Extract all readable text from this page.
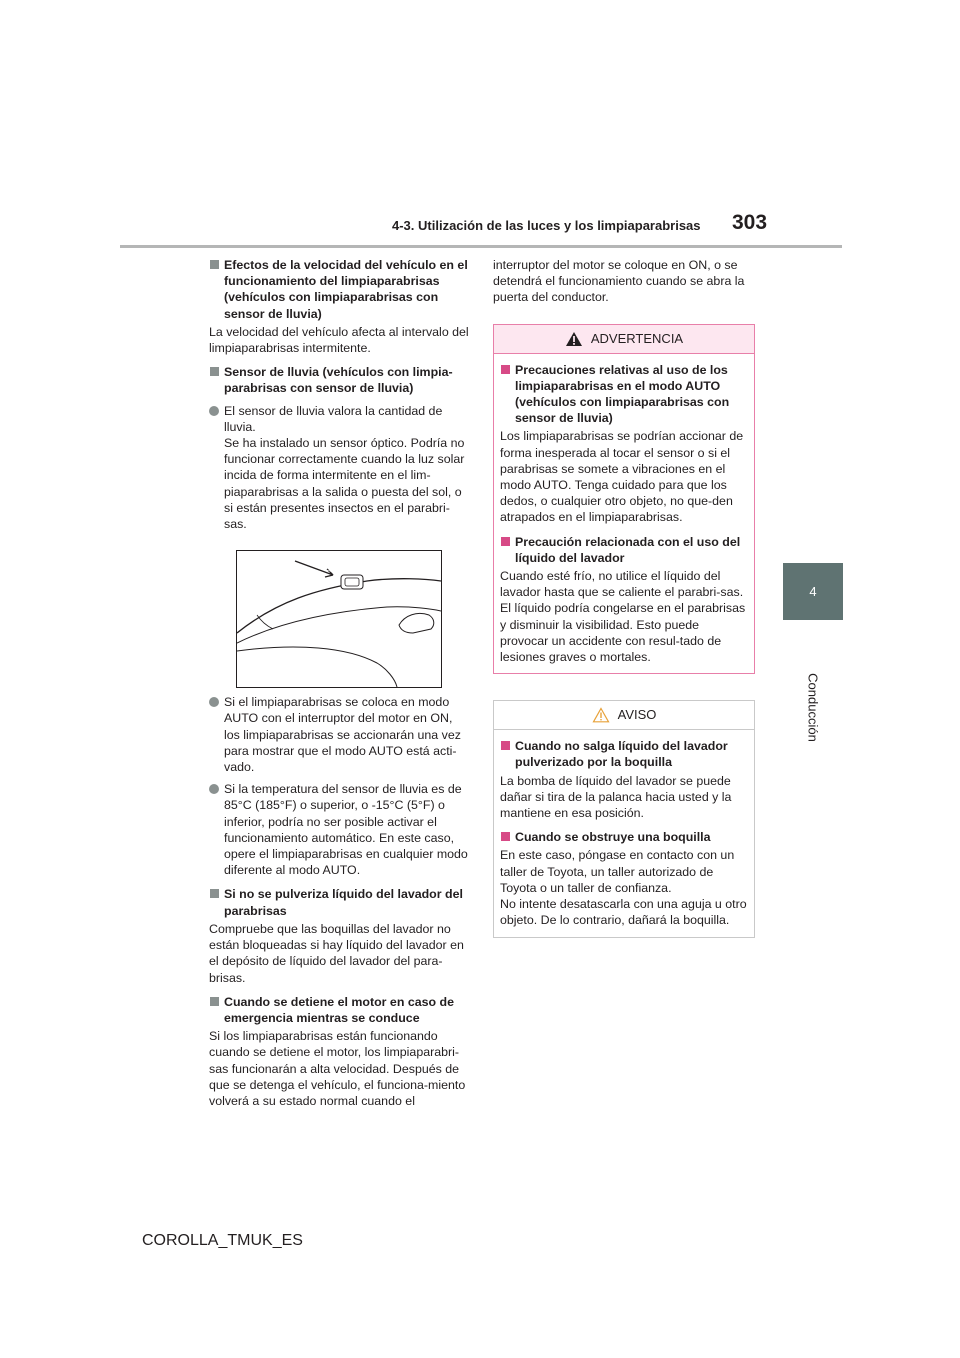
4-3. Utilización de las luces y los limpiaparabrisas 303
4
Conducción
Efectos de la velocidad del vehículo en el funcionamiento del limpiaparabrisas (vehículos con limpiaparabrisas con sensor de lluvia)
La velocidad del vehículo afecta al intervalo del limpiaparabrisas intermitente.
Sensor de lluvia (vehículos con limpia-parabrisas con sensor de lluvia)
El sensor de lluvia valora la cantidad de lluvia.
Se ha instalado un sensor óptico. Podría no funcionar correctamente cuando la luz solar incida de forma intermitente en el lim-piaparabrisas a la salida o puesta del sol, o si están presentes insectos en el parabri-sas.
Si el limpiaparabrisas se coloca en modo AUTO con el interruptor del motor en ON, los limpiaparabrisas se accionarán una vez para mostrar que el modo AUTO está acti-vado.
Si la temperatura del sensor de lluvia es de 85°C (185°F) o superior, o -15°C (5°F) o inferior, podría no ser posible activar el funcionamiento automático. En este caso, opere el limpiaparabrisas en cualquier modo diferente al modo AUTO.
Si no se pulveriza líquido del lavador del parabrisas
Compruebe que las boquillas del lavador no están bloqueadas si hay líquido del lavador en el depósito de líquido del lavador del para-brisas.
Cuando se detiene el motor en caso de emergencia mientras se conduce
Si los limpiaparabrisas están funcionando cuando se detiene el motor, los limpiaparabri-sas funcionarán a alta velocidad. Después de que se detenga el vehículo, el funciona-miento volverá a su estado normal cuando el
interruptor del motor se coloque en ON, o se detendrá el funcionamiento cuando se abra la puerta del conductor.
ADVERTENCIA
Precauciones relativas al uso de los limpiaparabrisas en el modo AUTO (vehículos con limpiaparabrisas con sensor de lluvia)
Los limpiaparabrisas se podrían accionar de forma inesperada al tocar el sensor o si el parabrisas se somete a vibraciones en el modo AUTO. Tenga cuidado para que los dedos, o cualquier otro objeto, no que-den atrapados en el limpiaparabrisas.
Precaución relacionada con el uso del líquido del lavador
Cuando esté frío, no utilice el líquido del lavador hasta que se caliente el parabri-sas. El líquido podría congelarse en el parabrisas y disminuir la visibilidad. Esto puede provocar un accidente con resul-tado de lesiones graves o mortales.
AVISO
Cuando no salga líquido del lavador pulverizado por la boquilla
La bomba de líquido del lavador se puede dañar si tira de la palanca hacia usted y la mantiene en esa posición.
Cuando se obstruye una boquilla
En este caso, póngase en contacto con un taller de Toyota, un taller autorizado de Toyota o un taller de confianza.
No intente desatascarla con una aguja u otro objeto. De lo contrario, dañará la boquilla.
COROLLA_TMUK_ES
